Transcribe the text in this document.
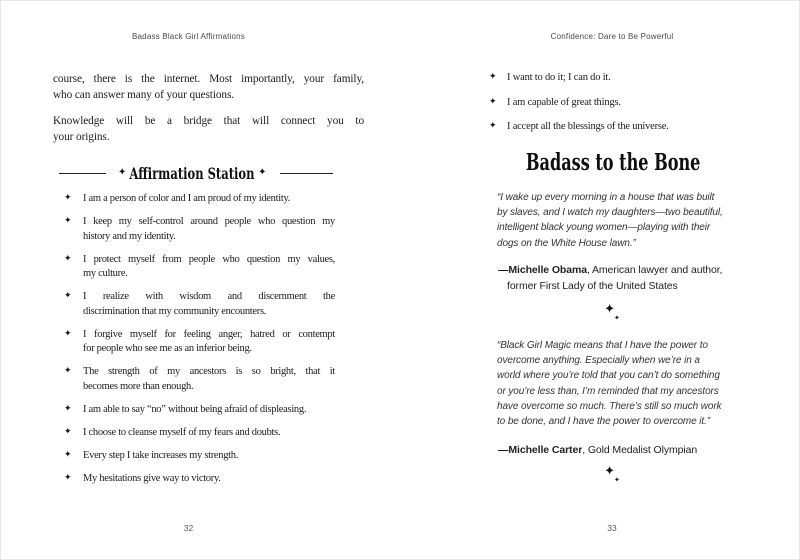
Badass Black Girl Affirmations
course, there is the internet. Most importantly, your family,
who can answer many of your questions.
Knowledge will be a bridge that will connect you to
your origins.
✦ Affirmation Station ✦
✦ I am a person of color and I am proud of my identity.
✦ I keep my self-control around people who question my
history and my identity.
✦ I protect myself from people who question my values,
my culture.
✦ I realize with wisdom and discernment the
discrimination that my community encounters.
✦ I forgive myself for feeling anger, hatred or contempt
for people who see me as an inferior being.
✦ The strength of my ancestors is so bright, that it
becomes more than enough.
✦ I am able to say “no” without being afraid of displeasing.
✦ I choose to cleanse myself of my fears and doubts.
✦ Every step I take increases my strength.
✦ My hesitations give way to victory.
32
Confidence: Dare to Be Powerful
✦ I want to do it; I can do it.
✦ I am capable of great things.
✦ I accept all the blessings of the universe.
Badass to the Bone
“I wake up every morning in a house that was built
by slaves, and I watch my daughters—two beautiful,
intelligent black young women—playing with their
dogs on the White House lawn.”
—Michelle Obama, American lawyer and author,
former First Lady of the United States
$✦_✦$
“Black Girl Magic means that I have the power to
overcome anything. Especially when we’re in a
world where you’re told that you can’t do something
or you’re less than, I’m reminded that my ancestors
have overcome so much. There’s still so much work
to be done, and I have the power to overcome it.”
—Michelle Carter, Gold Medalist Olympian
$✦_✦$
33
